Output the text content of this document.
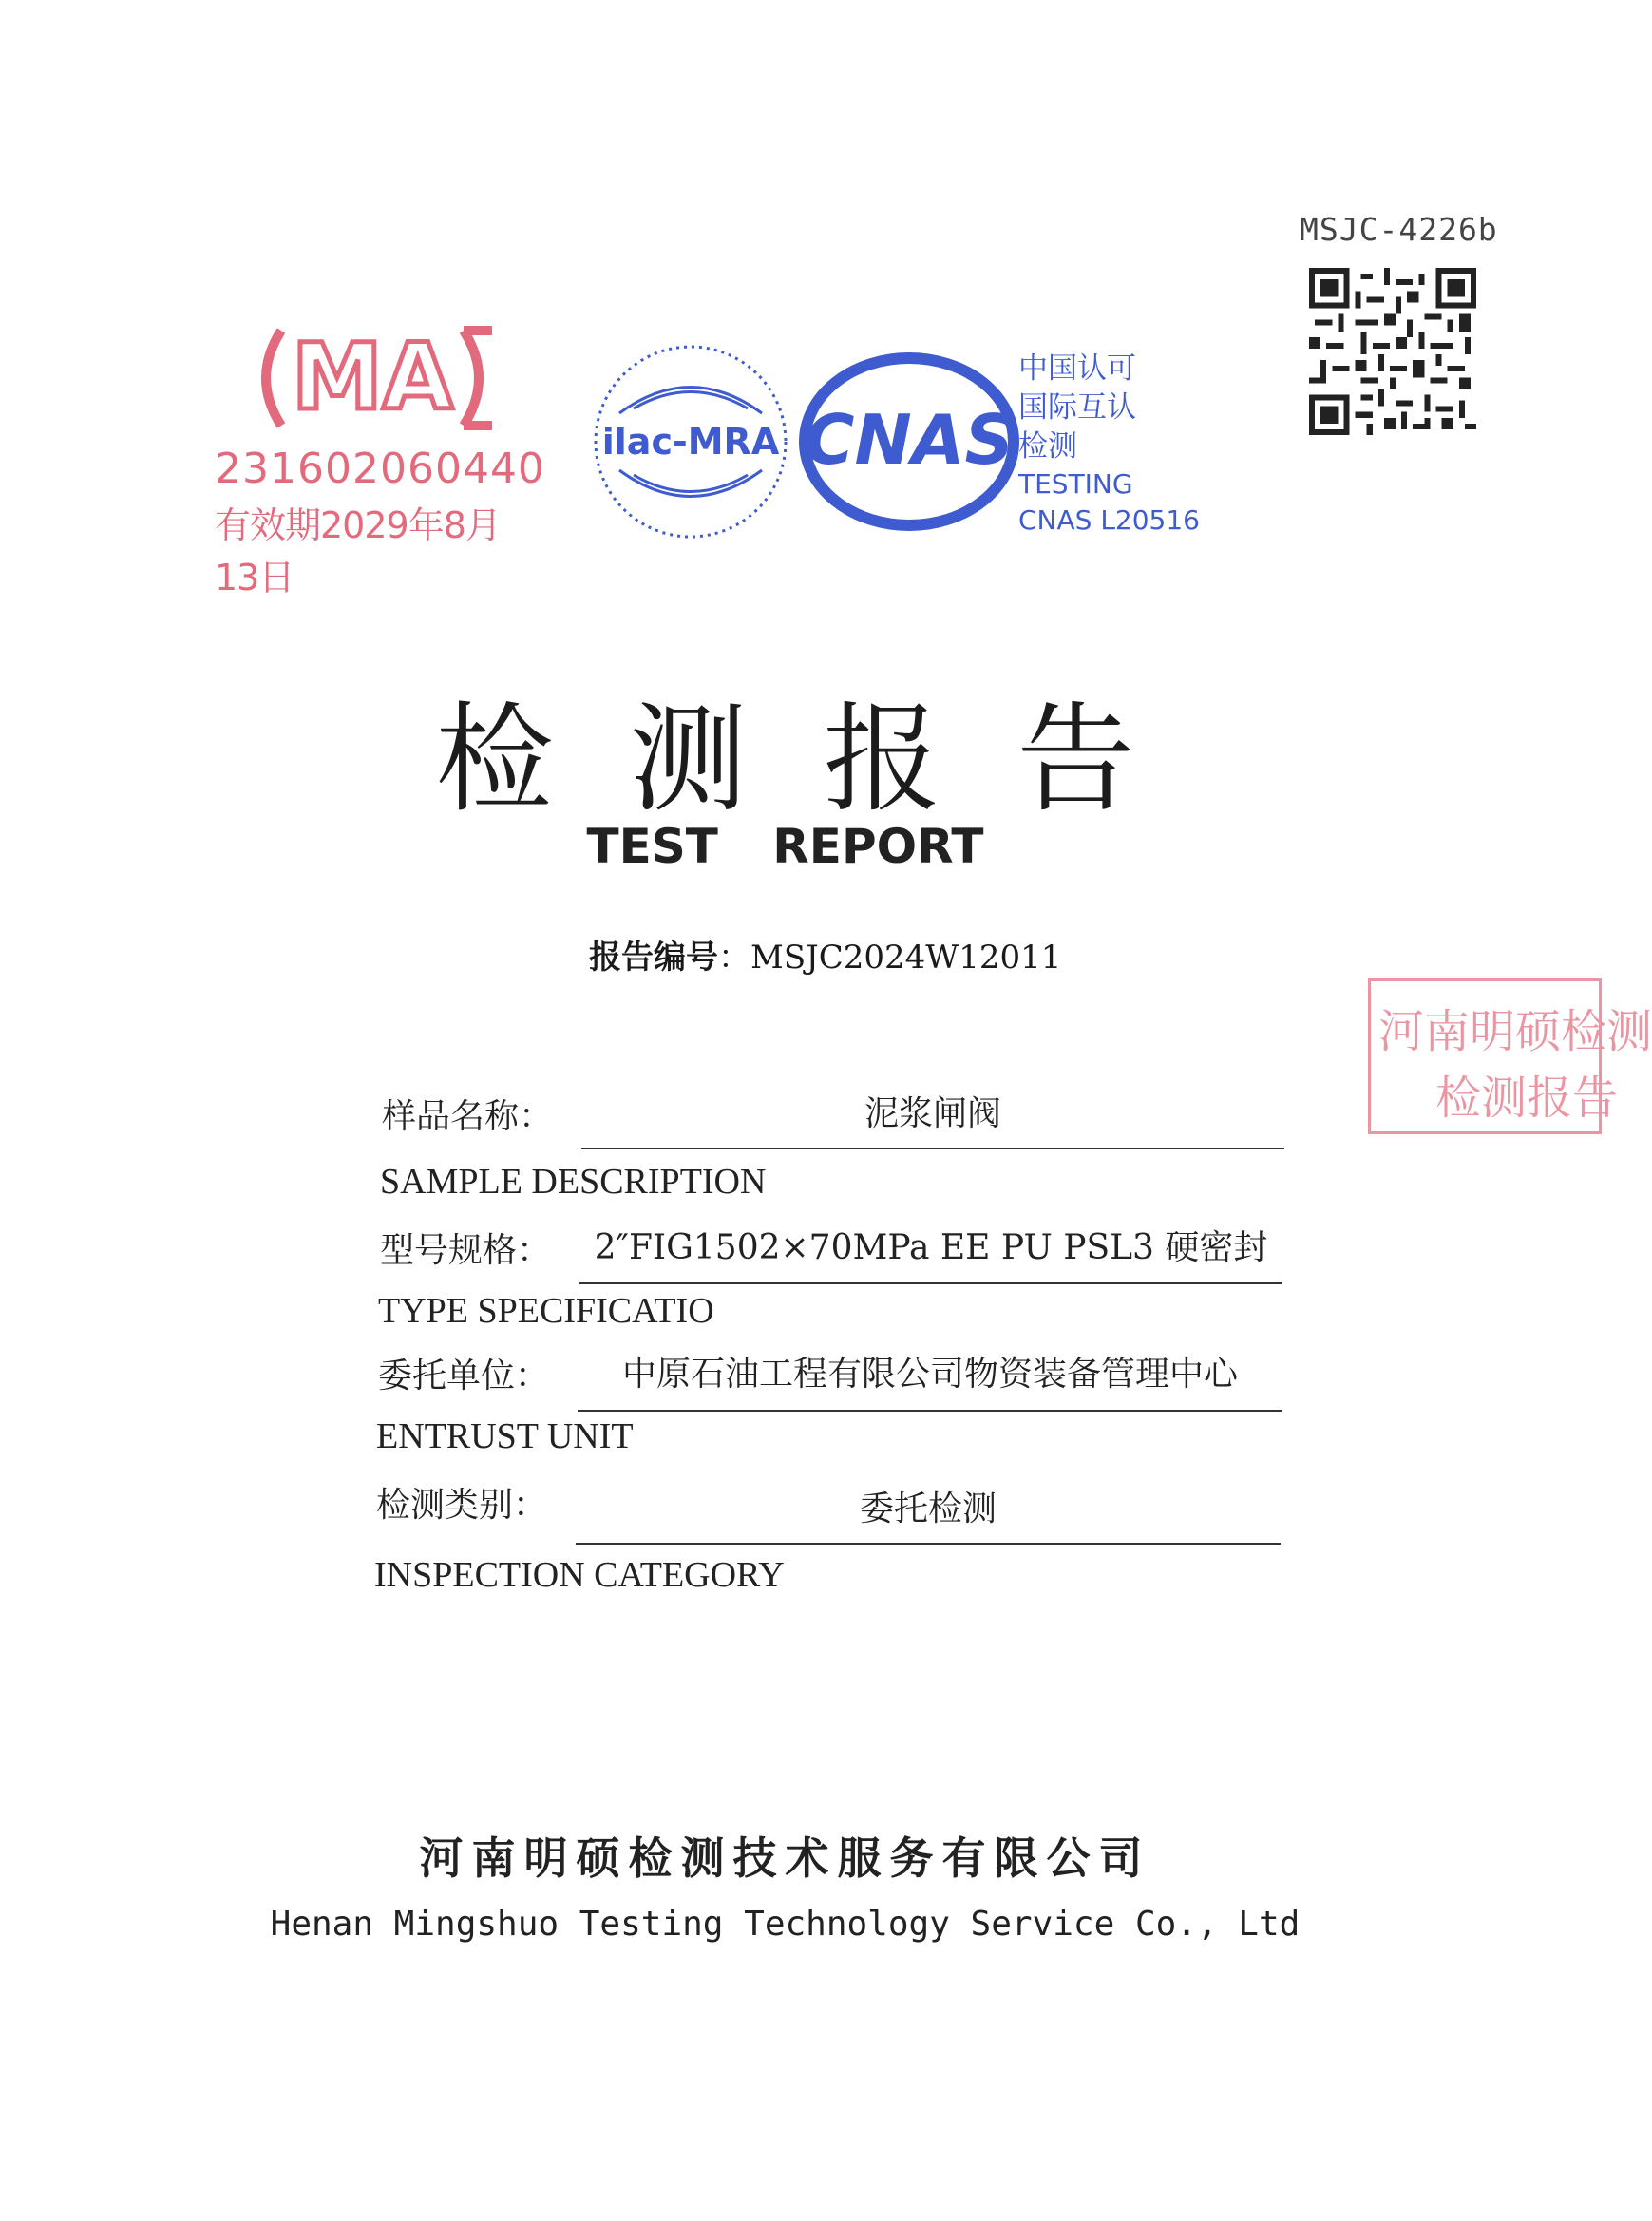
MSJC-4226b
MA
231602060440
有效期2029年8月13日
ilac-MRA CNAS
中国认可
国际互认
检测
TESTING
CNAS L20516
检测报告
TEST REPORT
报告编号：MSJC2024W12011
河南明硕检测
检测报告
样品名称：	泥浆闸阀
SAMPLE DESCRIPTION
型号规格：	2″FIG1502×70MPa EE PU PSL3 硬密封
TYPE SPECIFICATIO
委托单位：	中原石油工程有限公司物资装备管理中心
ENTRUST UNIT
检测类别：	委托检测
INSPECTION CATEGORY
河南明硕检测技术服务有限公司
Henan Mingshuo Testing Technology Service Co., Ltd
